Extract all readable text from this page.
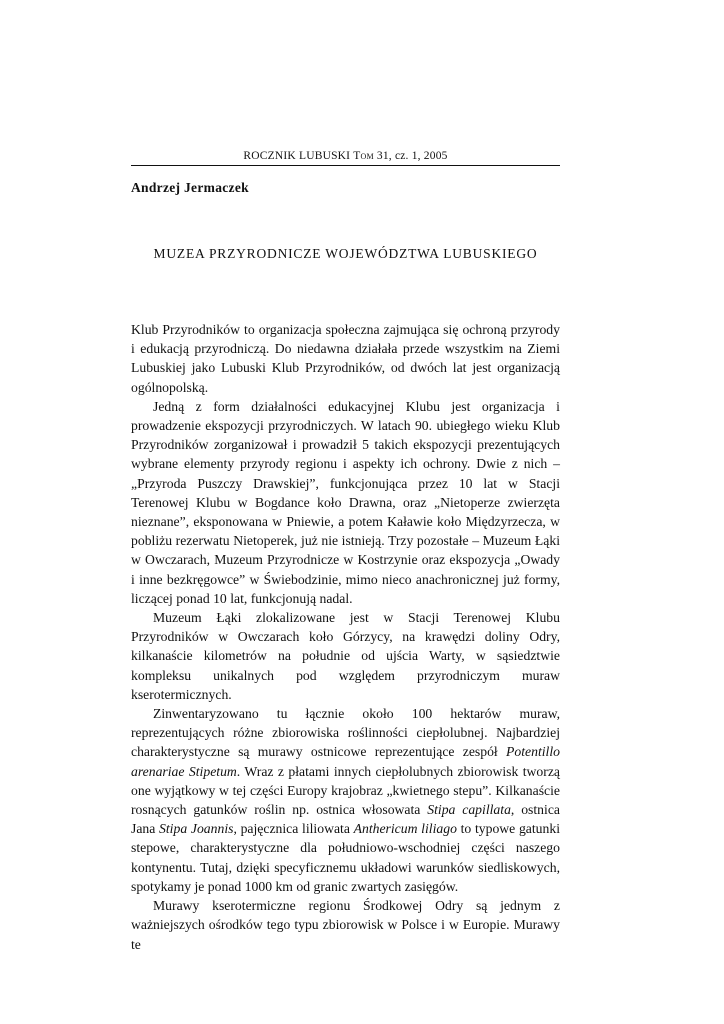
ROCZNIK LUBUSKI Tom 31, cz. 1, 2005
Andrzej Jermaczek
MUZEA PRZYRODNICZE WOJEWÓDZTWA LUBUSKIEGO

Klub Przyrodników to organizacja społeczna zajmująca się ochroną przyrody i edukacją przyrodniczą. Do niedawna działała przede wszystkim na Ziemi Lubuskiej jako Lubuski Klub Przyrodników, od dwóch lat jest organizacją ogólnopolską.

Jedną z form działalności edukacyjnej Klubu jest organizacja i prowadzenie ekspozycji przyrodniczych. W latach 90. ubiegłego wieku Klub Przyrodników zorganizował i prowadził 5 takich ekspozycji prezentujących wybrane elementy przyrody regionu i aspekty ich ochrony. Dwie z nich – „Przyroda Puszczy Drawskiej”, funkcjonująca przez 10 lat w Stacji Terenowej Klubu w Bogdance koło Drawna, oraz „Nietoperze zwierzęta nieznane”, eksponowana w Pniewie, a potem Kaławie koło Międzyrzecza, w pobliżu rezerwatu Nietoperek, już nie istnieją. Trzy pozostałe – Muzeum Łąki w Owczarach, Muzeum Przyrodnicze w Kostrzynie oraz ekspozycja „Owady i inne bezkręgowce” w Świebodzinie, mimo nieco anachronicznej już formy, liczącej ponad 10 lat, funkcjonują nadal.

Muzeum Łąki zlokalizowane jest w Stacji Terenowej Klubu Przyrodników w Owczarach koło Górzycy, na krawędzi doliny Odry, kilkanaście kilometrów na południe od ujścia Warty, w sąsiedztwie kompleksu unikalnych pod względem przyrodniczym muraw kserotermicznych.

Zinwentaryzowano tu łącznie około 100 hektarów muraw, reprezentujących różne zbiorowiska roślinności ciepłolubnej. Najbardziej charakterystyczne są murawy ostnicowe reprezentujące zespół Potentillo arenariae Stipetum. Wraz z płatami innych ciepłolubnych zbiorowisk tworzą one wyjątkowy w tej części Europy krajobraz „kwietnego stepu”. Kilkanaście rosnących gatunków roślin np. ostnica włosowata Stipa capillata, ostnica Jana Stipa Joannis, pajęcznica liliowata Anthericum liliago to typowe gatunki stepowe, charakterystyczne dla południowo-wschodniej części naszego kontynentu. Tutaj, dzięki specyficznemu układowi warunków siedliskowych, spotykamy je ponad 1000 km od granic zwartych zasięgów.

Murawy kserotermiczne regionu Środkowej Odry są jednym z ważniejszych ośrodków tego typu zbiorowisk w Polsce i w Europie. Murawy te
